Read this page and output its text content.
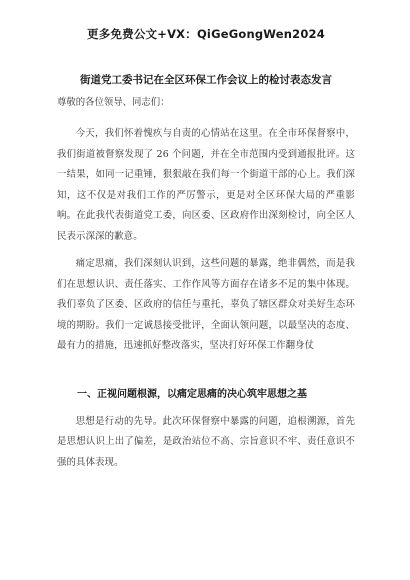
更多免费公文+VX：QiGeGongWen2024
街道党工委书记在全区环保工作会议上的检讨表态发言
尊敬的各位领导、同志们：

今天，我们怀着愧疚与自责的心情站在这里。在全市环保督察中，我们街道被督察发现了 26 个问题，并在全市范围内受到通报批评。这一结果，如同一记重锤，狠狠敲在我们每一个街道干部的心上。我们深知，这不仅是对我们工作的严厉警示，更是对全区环保大局的严重影响。在此我代表街道党工委，向区委、区政府作出深刻检讨，向全区人民表示深深的歉意。

痛定思痛，我们深刻认识到，这些问题的暴露，绝非偶然，而是我们在思想认识、责任落实、工作作风等方面存在诸多不足的集中体现。我们辜负了区委、区政府的信任与重托，辜负了辖区群众对美好生态环境的期盼。我们一定诚恳接受批评，全面认领问题，以最坚决的态度、最有力的措施，迅速抓好整改落实，坚决打好环保工作翻身仗

一、正视问题根源，以痛定思痛的决心筑牢思想之基

思想是行动的先导。此次环保督察中暴露的问题，追根溯源，首先是思想认识上出了偏差，是政治站位不高、宗旨意识不牢、责任意识不强的具体表现。
